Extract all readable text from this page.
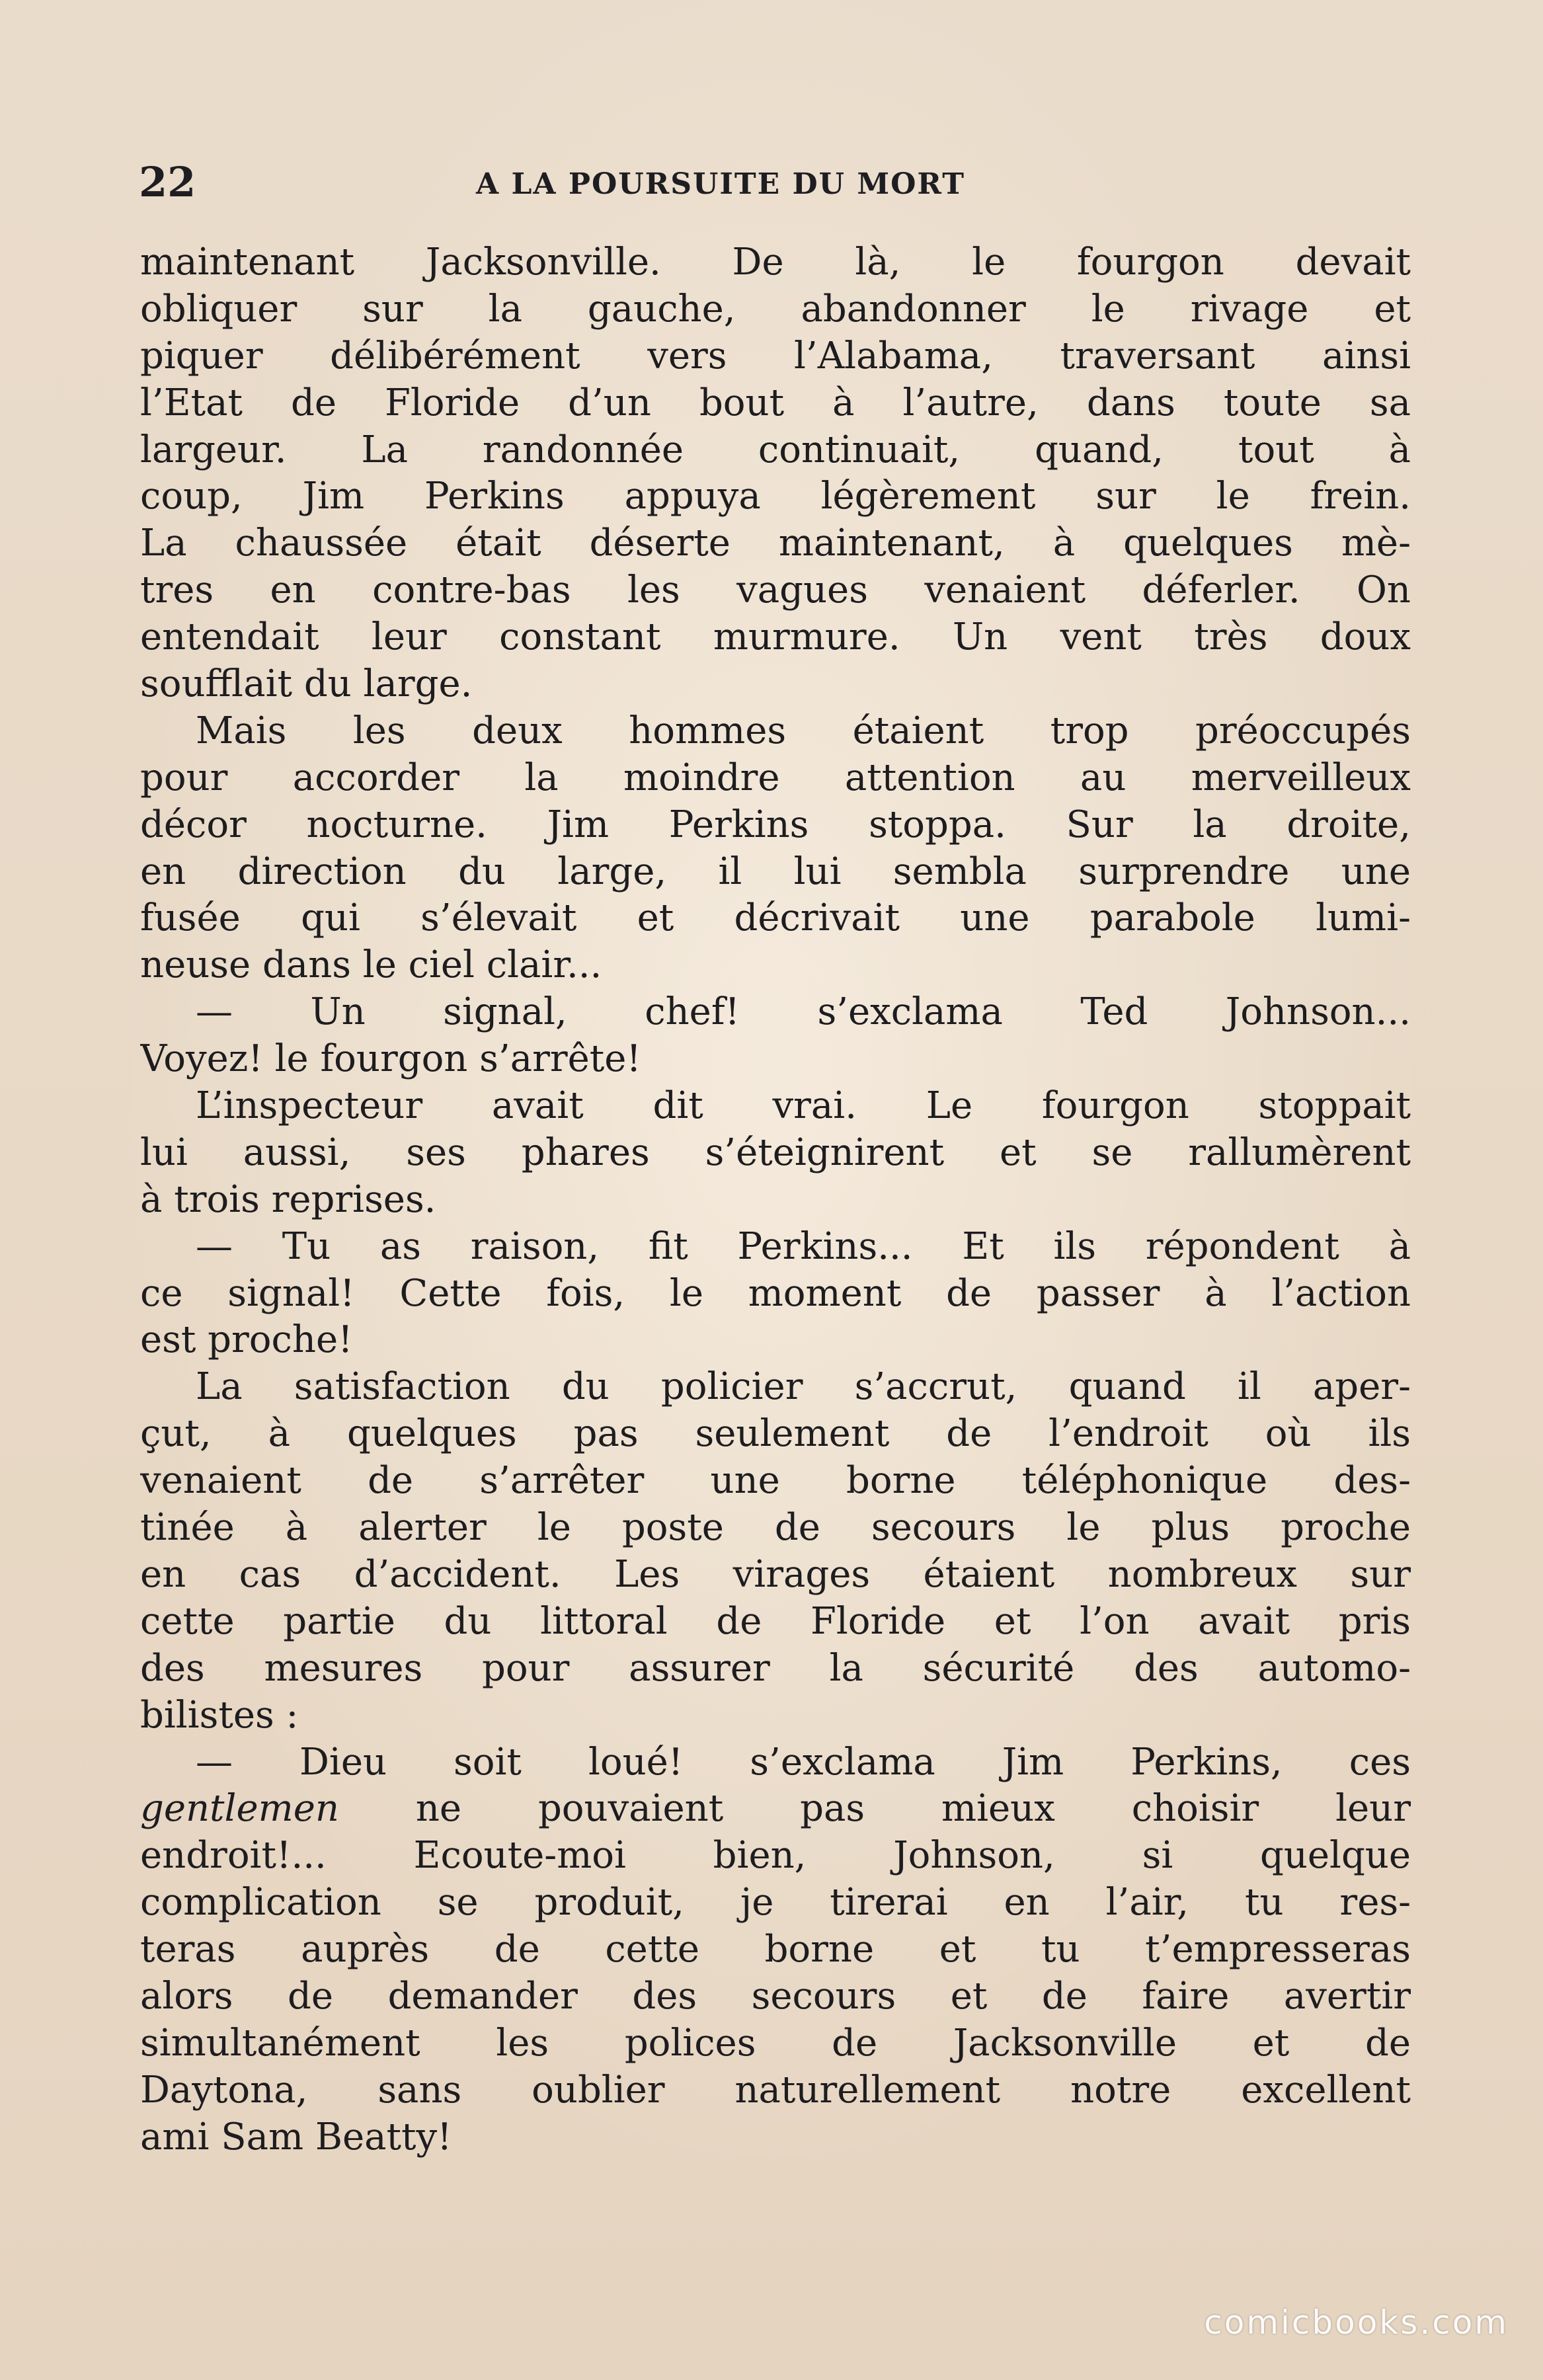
22	A LA POURSUITE DU MORT
maintenant Jacksonville. De là, le fourgon devait
obliquer sur la gauche, abandonner le rivage et
piquer délibérément vers l’Alabama, traversant ainsi
l’Etat de Floride d’un bout à l’autre, dans toute sa
largeur. La randonnée continuait, quand, tout à
coup, Jim Perkins appuya légèrement sur le frein.
La chaussée était déserte maintenant, à quelques mè-
tres en contre-bas les vagues venaient déferler. On
entendait leur constant murmure. Un vent très doux
soufflait du large.
Mais les deux hommes étaient trop préoccupés
pour accorder la moindre attention au merveilleux
décor nocturne. Jim Perkins stoppa. Sur la droite,
en direction du large, il lui sembla surprendre une
fusée qui s’élevait et décrivait une parabole lumi-
neuse dans le ciel clair...
— Un signal, chef! s’exclama Ted Johnson...
Voyez! le fourgon s’arrête!
L’inspecteur avait dit vrai. Le fourgon stoppait
lui aussi, ses phares s’éteignirent et se rallumèrent
à trois reprises.
— Tu as raison, fit Perkins... Et ils répondent à
ce signal! Cette fois, le moment de passer à l’action
est proche!
La satisfaction du policier s’accrut, quand il aper-
çut, à quelques pas seulement de l’endroit où ils
venaient de s’arrêter une borne téléphonique des-
tinée à alerter le poste de secours le plus proche
en cas d’accident. Les virages étaient nombreux sur
cette partie du littoral de Floride et l’on avait pris
des mesures pour assurer la sécurité des automo-
bilistes :
— Dieu soit loué! s’exclama Jim Perkins, ces
gentlemen ne pouvaient pas mieux choisir leur
endroit!... Ecoute-moi bien, Johnson, si quelque
complication se produit, je tirerai en l’air, tu res-
teras auprès de cette borne et tu t’empresseras
alors de demander des secours et de faire avertir
simultanément les polices de Jacksonville et de
Daytona, sans oublier naturellement notre excellent
ami Sam Beatty!
comicbooks.com
